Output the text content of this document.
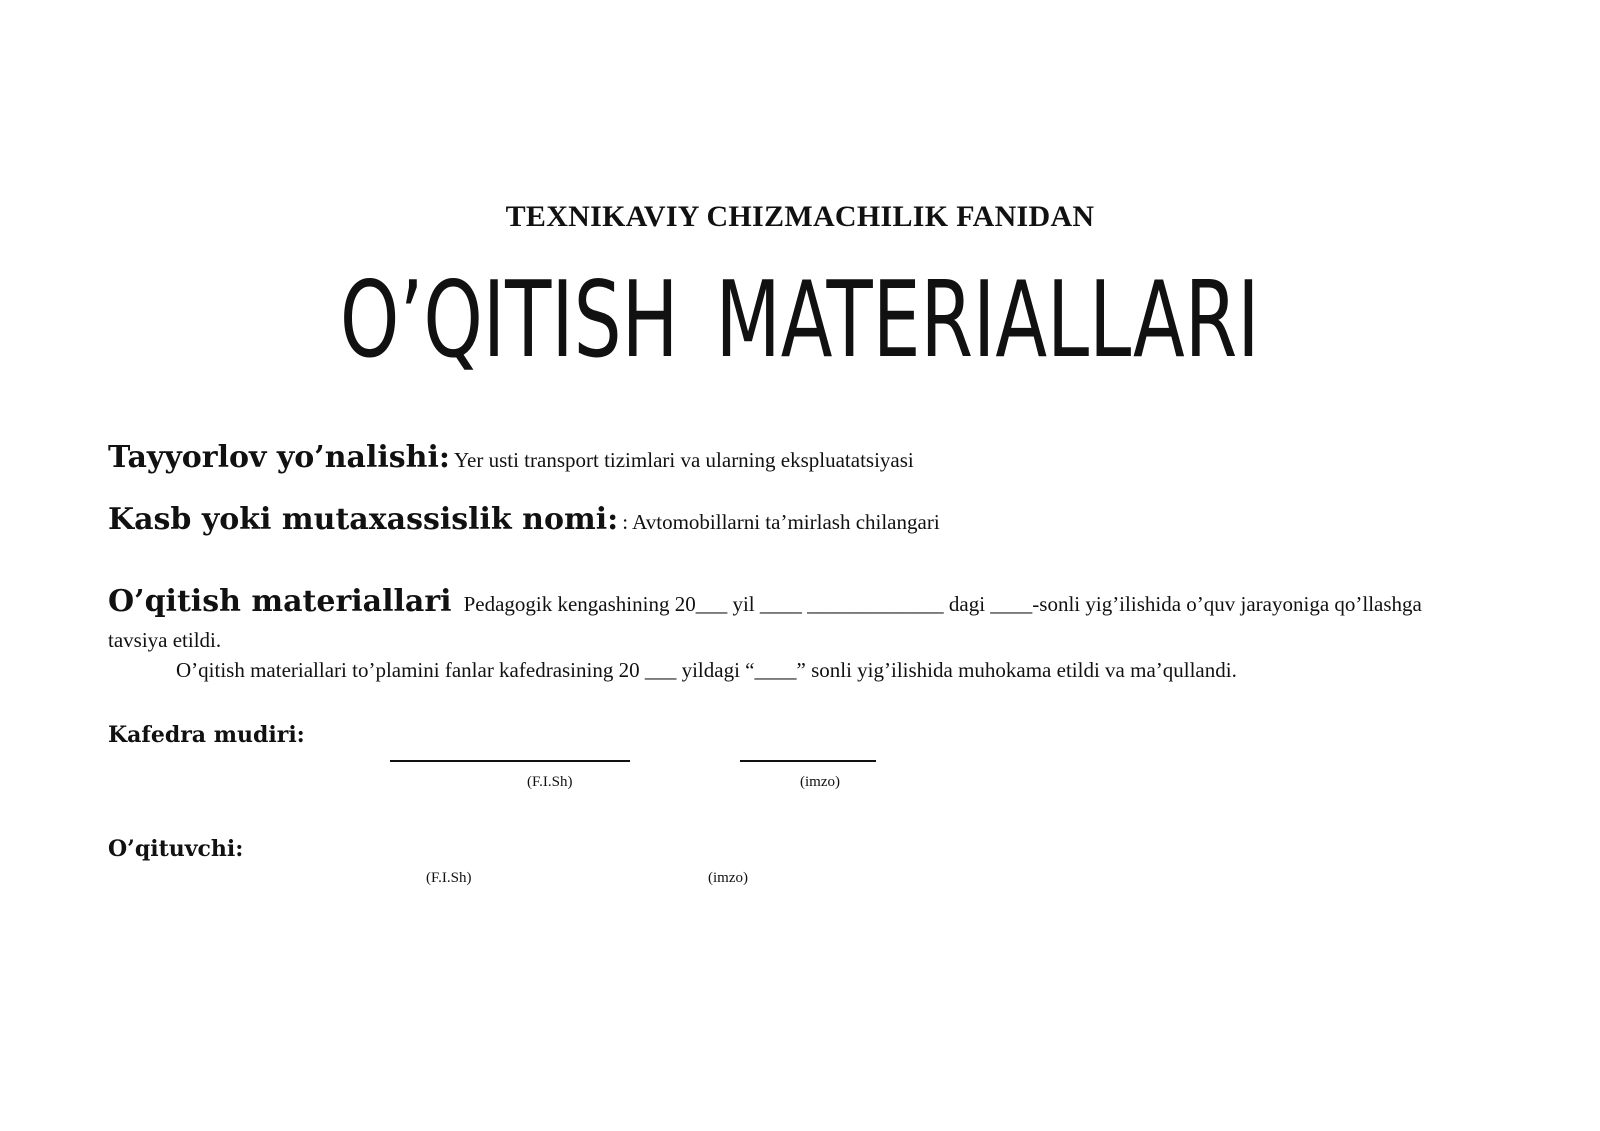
TEXNIKAVIY CHIZMACHILIK FANIDAN
O’QITISH MATERIALLARI
Tayyorlov yo’nalishi: Yer usti transport tizimlari va ularning ekspluatatsiyasi
Kasb yoki mutaxassislik nomi: : Avtomobillarni ta’mirlash chilangari
O’qitish materiallari Pedagogik kengashining 20___ yil ____ _____________ dagi ____-sonli yig’ilishida o’quv jarayoniga qo’llashga
tavsiya etildi.
O’qitish materiallari to’plamini fanlar kafedrasining 20 ___ yildagi “____” sonli yig’ilishida muhokama etildi va ma’qullandi.
Kafedra mudiri:
(F.I.Sh)	(imzo)
O’qituvchi:
(F.I.Sh)	(imzo)
